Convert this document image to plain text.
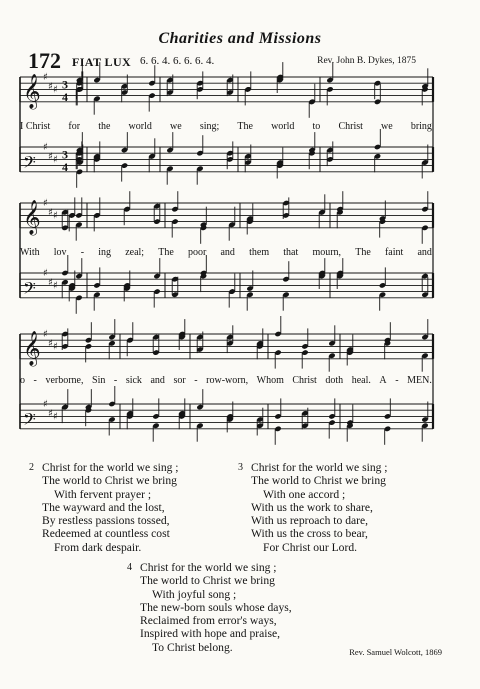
Charities and Missions
172 FIAT LUX 6. 6. 4. 6. 6. 6. 4.	Rev. John B. Dykes, 1875
𝄞 3
4
♯
♯ ♯
𝄢 3
4
♯
♯ ♯
𝄞 ♯
♯ ♯
𝄢
♯
♯ ♯
𝄞 ♯
♯ ♯
𝄢
♯
♯ ♯
I Christ for the world we sing; The world to Christ we bring
With lov - ing zeal; The poor and them that mourn, The faint and
o - verborne, Sin - sick and sor - row-worn, Whom Christ doth heal. A - MEN.
2 Christ for the world we sing ;
The world to Christ we bring
With fervent prayer ;
The wayward and the lost,
By restless passions tossed,
Redeemed at countless cost
From dark despair.
3 Christ for the world we sing ;
The world to Christ we bring
With one accord ;
With us the work to share,
With us reproach to dare,
With us the cross to bear,
For Christ our Lord.
4 Christ for the world we sing ;
The world to Christ we bring
With joyful song ;
The new-born souls whose days,
Reclaimed from error's ways,
Inspired with hope and praise,
To Christ belong.	Rev. Samuel Wolcott, 1869
